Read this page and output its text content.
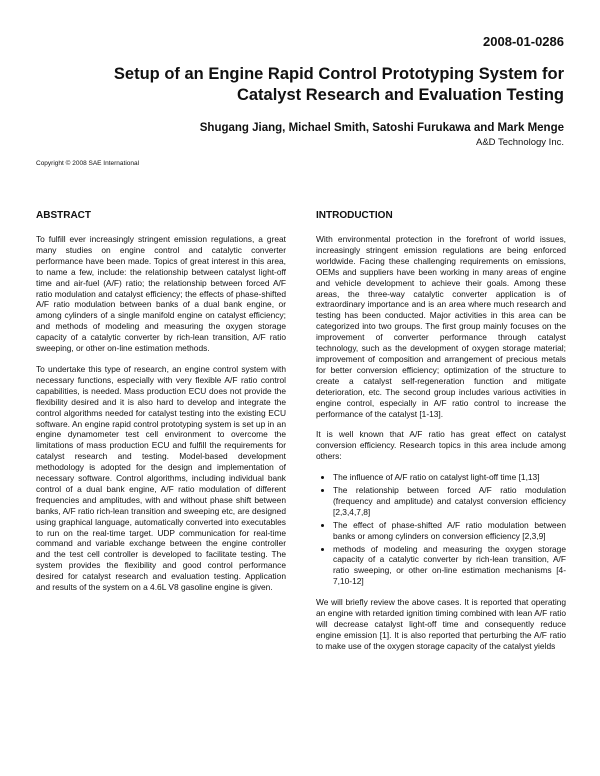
2008-01-0286
Setup of an Engine Rapid Control Prototyping System for
Catalyst Research and Evaluation Testing
Shugang Jiang, Michael Smith, Satoshi Furukawa and Mark Menge
A&D Technology Inc.
Copyright © 2008 SAE International
ABSTRACT

To fulfill ever increasingly stringent emission regulations, a great many studies on engine control and catalytic converter performance have been made. Topics of great interest in this area, to name a few, include: the relationship between catalyst light-off time and air-fuel (A/F) ratio; the relationship between forced A/F ratio modulation and catalyst efficiency; the effects of phase-shifted A/F ratio modulation between banks of a dual bank engine, or among cylinders of a single manifold engine on catalyst efficiency; and methods of modeling and measuring the oxygen storage capacity of a catalytic converter by rich-lean transition, A/F ratio sweeping, or other on-line estimation methods.

To undertake this type of research, an engine control system with necessary functions, especially with very flexible A/F ratio control capabilities, is needed. Mass production ECU does not provide the flexibility desired and it is also hard to develop and integrate the control algorithms needed for catalyst testing into the existing ECU software. An engine rapid control prototyping system is set up in an engine dynamometer test cell environment to overcome the limitations of mass production ECU and fulfill the requirements for catalyst research and testing. Model-based development methodology is adopted for the design and implementation of necessary software. Control algorithms, including individual bank control of a dual bank engine, A/F ratio modulation of different frequencies and amplitudes, with and without phase shift between banks, A/F ratio rich-lean transition and sweeping etc, are designed using graphical language, automatically converted into executables to run on the real-time target. UDP communication for real-time command and variable exchange between the engine controller and the test cell controller is developed to facilitate testing. The system provides the flexibility and good control performance desired for catalyst research and evaluation testing. Application and results of the system on a 4.6L V8 gasoline engine is given.

INTRODUCTION

With environmental protection in the forefront of world issues, increasingly stringent emission regulations are being enforced worldwide. Facing these challenging requirements on emissions, OEMs and suppliers have been working in many areas of engine and vehicle development to achieve their goals. Among these areas, the three-way catalytic converter application is of extraordinary importance and is an area where much research and testing has been conducted. Major activities in this area can be categorized into two groups. The first group mainly focuses on the improvement of converter performance through catalyst technology, such as the development of oxygen storage material; improvement of composition and arrangement of precious metals for better conversion efficiency; optimization of the structure to create a catalyst self-regeneration function and mitigate deterioration, etc. The second group includes various activities in engine control, especially in A/F ratio control to increase the performance of the catalyst [1-13].

It is well known that A/F ratio has great effect on catalyst conversion efficiency. Research topics in this area include among others:

• The influence of A/F ratio on catalyst light-off time [1,13]
• The relationship between forced A/F ratio modulation (frequency and amplitude) and catalyst conversion efficiency [2,3,4,7,8]
• The effect of phase-shifted A/F ratio modulation between banks or among cylinders on conversion efficiency [2,3,9]
• methods of modeling and measuring the oxygen storage capacity of a catalytic converter by rich-lean transition, A/F ratio sweeping, or other on-line estimation mechanisms [4-7,10-12]

We will briefly review the above cases. It is reported that operating an engine with retarded ignition timing combined with lean A/F ratio will decrease catalyst light-off time and consequently reduce engine emission [1]. It is also reported that perturbing the A/F ratio to make use of the oxygen storage capacity of the catalyst yields
